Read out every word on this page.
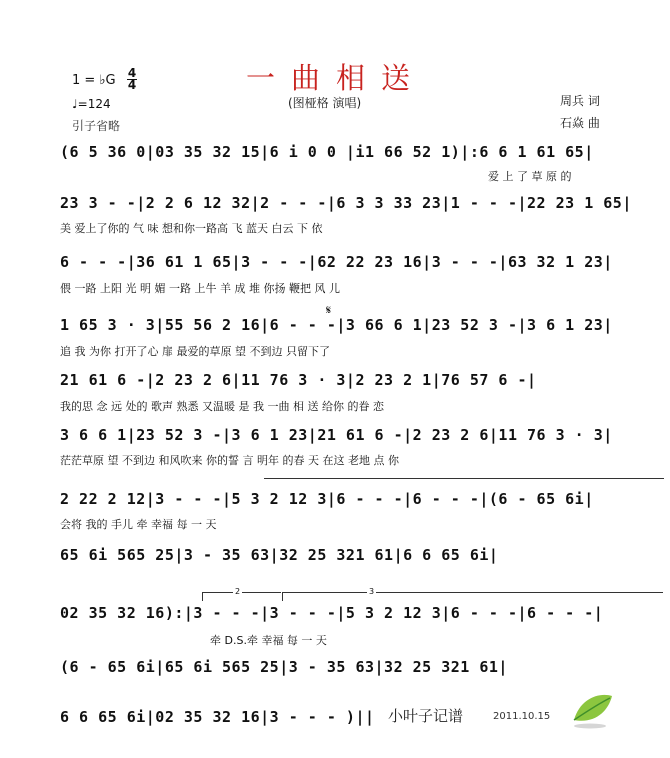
一曲相送
(图桠格 演唱)
1 = ♭G 4
4
♩=124
引子省略
周兵 词
石焱 曲
(6 5 36 0|03 35 32 15|6 i 0 0 |i1 66 52 1)|:6 6 1 61 65|
爱 上 了 草 原 的
23 3 - -|2 2 6 12 32|2 - - -|6 3 3 33 23|1 - - -|22 23 1 65|
美 爱上了你的 气 味 想和你一路高 飞 蓝天 白云 下 依
6 - - -|36 61 1 65|3 - - -|62 22 23 16|3 - - -|63 32 1 23|
偎 一路 上阳 光 明 媚 一路 上牛 羊 成 堆 你扬 鞭把 风 儿
𝄋
1 65 3 · 3|55 56 2 16|6 - - -|3 66 6 1|23 52 3 -|3 6 1 23|
追 我 为你 打开了心 扉 最爱的草原 望 不到边 只留下了
21 61 6 -|2 23 2 6|11 76 3 · 3|2 23 2 1|76 57 6 -|
我的思 念 远 处的 歌声 熟悉 又温暖 是 我 一曲 相 送 给你 的眷 恋
3 6 6 1|23 52 3 -|3 6 1 23|21 61 6 -|2 23 2 6|11 76 3 · 3|
茫茫草原 望 不到边 和风吹来 你的誓 言 明年 的春 天 在这 老地 点 你
2 22 2 12|3 - - -|5 3 2 12 3|6 - - -|6 - - -|(6 - 65 6i|
会将 我的 手儿 牵 幸福 每 一 天
65 6i 565 25|3 - 35 63|32 25 321 61|6 6 65 6i|
2	3
02 35 32 16):|3 - - -|3 - - -|5 3 2 12 3|6 - - -|6 - - -|
牵 D.S.牵 幸福 每 一 天
(6 - 65 6i|65 6i 565 25|3 - 35 63|32 25 321 61|
6 6 65 6i|02 35 32 16|3 - - - )|| 小叶子记谱	2011.10.15
